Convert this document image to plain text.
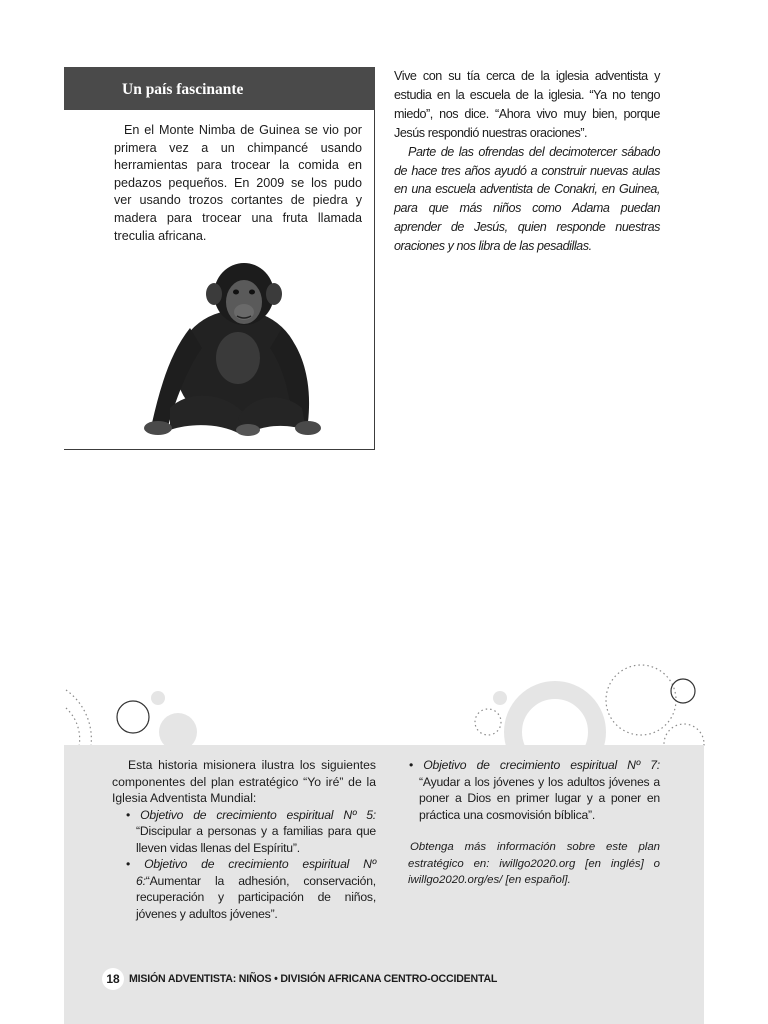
Un país fascinante

En el Monte Nimba de Guinea se vio por primera vez a un chimpancé usando herramientas para trocear la comida en pedazos pequeños. En 2009 se los pudo ver usando trozos cortantes de piedra y madera para trocear una fruta llamada treculia africana.

Vive con su tía cerca de la iglesia adventista y estudia en la escuela de la iglesia. “Ya no tengo miedo”, nos dice. “Ahora vivo muy bien, porque Jesús respondió nuestras oraciones”.

Parte de las ofrendas del decimotercer sábado de hace tres años ayudó a construir nuevas aulas en una escuela adventista de Conakri, en Guinea, para que más niños como Adama puedan aprender de Jesús, quien responde nuestras oraciones y nos libra de las pesadillas.

Esta historia misionera ilustra los siguientes componentes del plan estratégico “Yo iré” de la Iglesia Adventista Mundial:

• Objetivo de crecimiento espiritual Nº 5: “Discipular a personas y a familias para que lleven vidas llenas del Espíritu”.
• Objetivo de crecimiento espiritual Nº 6:“Aumentar la adhesión, conservación, recuperación y participación de niños, jóvenes y adultos jóvenes”.
• Objetivo de crecimiento espiritual Nº 7: “Ayudar a los jóvenes y los adultos jóvenes a poner a Dios en primer lugar y a poner en práctica una cosmovisión bíblica”.

Obtenga más información sobre este plan estratégico en: iwillgo2020.org [en inglés] o iwillgo2020.org/es/ [en español].

18 MISIÓN ADVENTISTA: NIÑOS • DIVISIÓN AFRICANA CENTRO-OCCIDENTAL
